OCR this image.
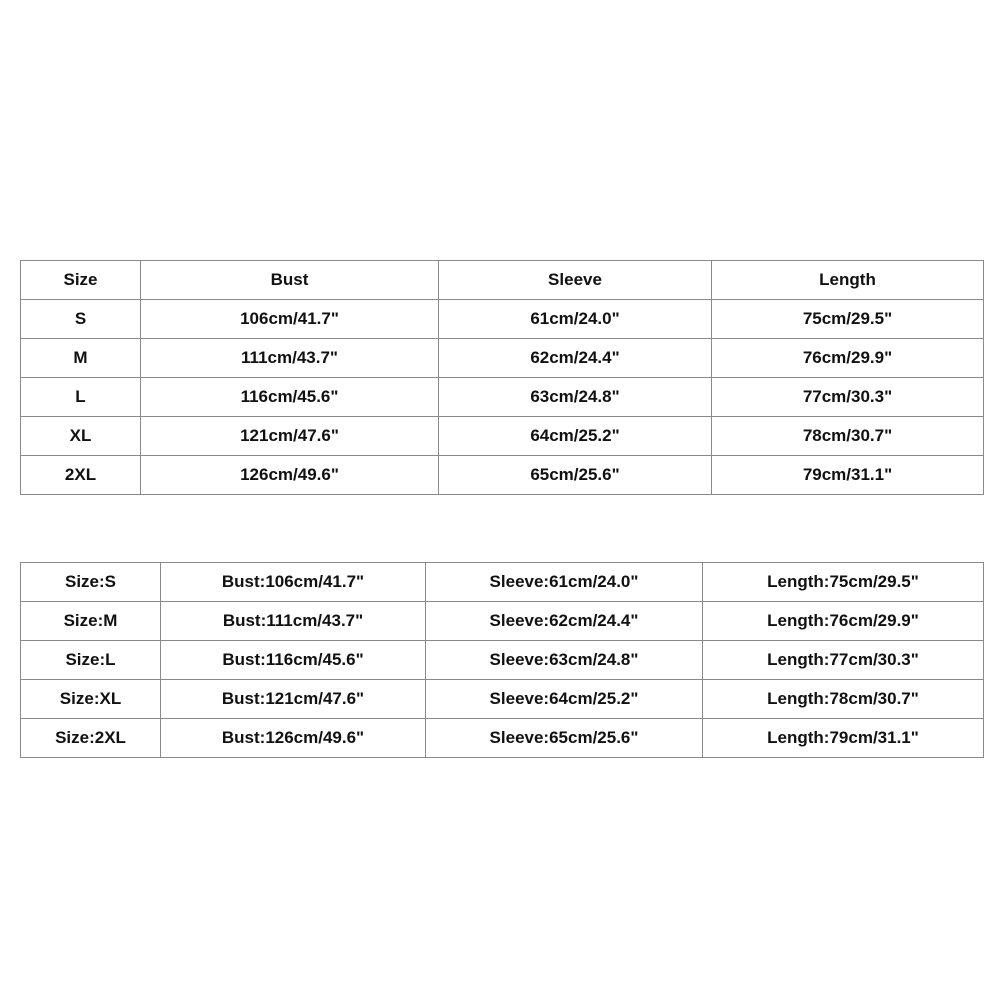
Size	Bust	Sleeve	Length
S	106cm/41.7"	61cm/24.0"	75cm/29.5"
M	111cm/43.7"	62cm/24.4"	76cm/29.9"
L	116cm/45.6"	63cm/24.8"	77cm/30.3"
XL	121cm/47.6"	64cm/25.2"	78cm/30.7"
2XL	126cm/49.6"	65cm/25.6"	79cm/31.1"
Size:S	Bust:106cm/41.7"	Sleeve:61cm/24.0"	Length:75cm/29.5"
Size:M	Bust:111cm/43.7"	Sleeve:62cm/24.4"	Length:76cm/29.9"
Size:L	Bust:116cm/45.6"	Sleeve:63cm/24.8"	Length:77cm/30.3"
Size:XL	Bust:121cm/47.6"	Sleeve:64cm/25.2"	Length:78cm/30.7"
Size:2XL	Bust:126cm/49.6"	Sleeve:65cm/25.6"	Length:79cm/31.1"
